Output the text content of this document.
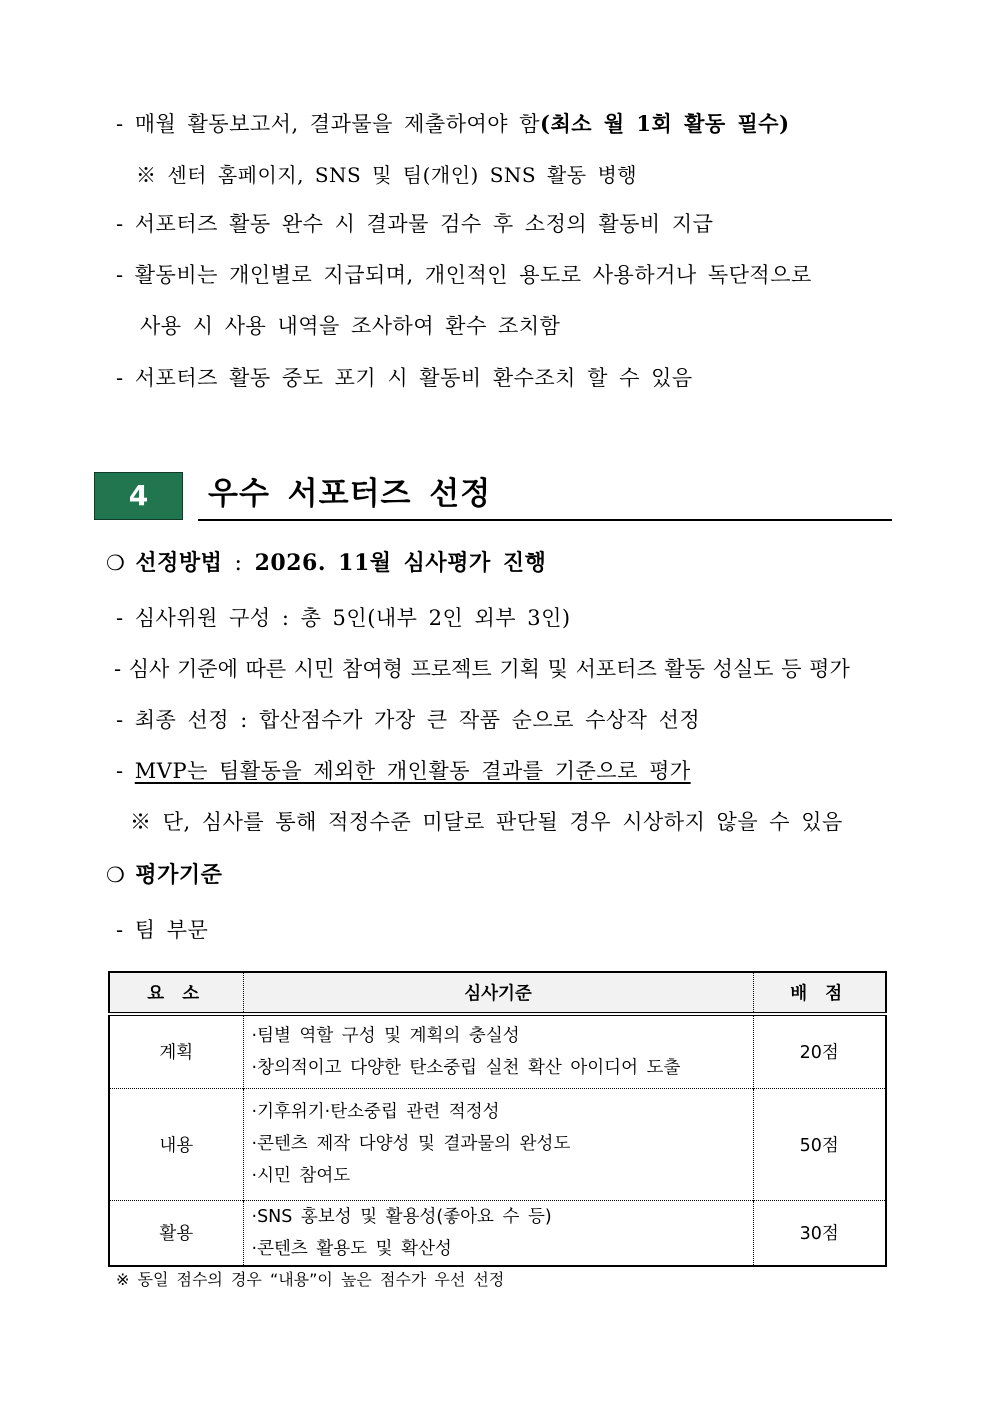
- 매월 활동보고서, 결과물을 제출하여야 함(최소 월 1회 활동 필수)
※ 센터 홈페이지, SNS 및 팀(개인) SNS 활동 병행
- 서포터즈 활동 완수 시 결과물 검수 후 소정의 활동비 지급
- 활동비는 개인별로 지급되며, 개인적인 용도로 사용하거나 독단적으로
사용 시 사용 내역을 조사하여 환수 조치함
- 서포터즈 활동 중도 포기 시 활동비 환수조치 할 수 있음
4	우수 서포터즈 선정
❍ 선정방법 : 2026. 11월 심사평가 진행
- 심사위원 구성 : 총 5인(내부 2인 외부 3인)
- 심사 기준에 따른 시민 참여형 프로젝트 기획 및 서포터즈 활동 성실도 등 평가
- 최종 선정 : 합산점수가 가장 큰 작품 순으로 수상작 선정
- MVP는 팀활동을 제외한 개인활동 결과를 기준으로 평가
※ 단, 심사를 통해 적정수준 미달로 판단될 경우 시상하지 않을 수 있음
❍ 평가기준
- 팀 부문
요 소	심사기준	배 점
계획	·팀별 역할 구성 및 계획의 충실성
·창의적이고 다양한 탄소중립 실천 확산 아이디어 도출	20점
내용	·기후위기·탄소중립 관련 적정성
·콘텐츠 제작 다양성 및 결과물의 완성도
·시민 참여도	50점
활용	·SNS 홍보성 및 활용성(좋아요 수 등)
·콘텐츠 활용도 및 확산성	30점
※ 동일 점수의 경우 “내용”이 높은 점수가 우선 선정
